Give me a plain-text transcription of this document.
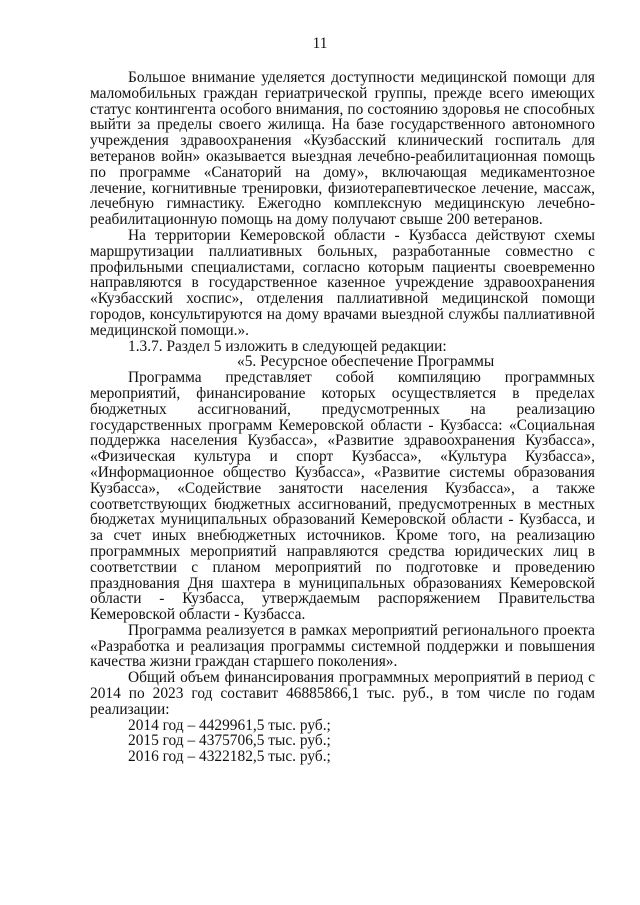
11

Большое внимание уделяется доступности медицинской помощи для маломобильных граждан гериатрической группы, прежде всего имеющих статус контингента особого внимания, по состоянию здоровья не способных выйти за пределы своего жилища. На базе государственного автономного учреждения здравоохранения «Кузбасский клинический госпиталь для ветеранов войн» оказывается выездная лечебно-реабилитационная помощь по программе «Санаторий на дому», включающая медикаментозное лечение, когнитивные тренировки, физиотерапевтическое лечение, массаж, лечебную гимнастику. Ежегодно комплексную медицинскую лечебно-реабилитационную помощь на дому получают свыше 200 ветеранов.

На территории Кемеровской области - Кузбасса действуют схемы маршрутизации паллиативных больных, разработанные совместно с профильными специалистами, согласно которым пациенты своевременно направляются в государственное казенное учреждение здравоохранения «Кузбасский хоспис», отделения паллиативной медицинской помощи городов, консультируются на дому врачами выездной службы паллиативной медицинской помощи.».

1.3.7. Раздел 5 изложить в следующей редакции:

«5. Ресурсное обеспечение Программы

Программа представляет собой компиляцию программных мероприятий, финансирование которых осуществляется в пределах бюджетных ассигнований, предусмотренных на реализацию государственных программ Кемеровской области - Кузбасса: «Социальная поддержка населения Кузбасса», «Развитие здравоохранения Кузбасса», «Физическая культура и спорт Кузбасса», «Культура Кузбасса», «Информационное общество Кузбасса», «Развитие системы образования Кузбасса», «Содействие занятости населения Кузбасса», а также соответствующих бюджетных ассигнований, предусмотренных в местных бюджетах муниципальных образований Кемеровской области - Кузбасса, и за счет иных внебюджетных источников. Кроме того, на реализацию программных мероприятий направляются средства юридических лиц в соответствии с планом мероприятий по подготовке и проведению празднования Дня шахтера в муниципальных образованиях Кемеровской области - Кузбасса, утверждаемым распоряжением Правительства Кемеровской области - Кузбасса.

Программа реализуется в рамках мероприятий регионального проекта «Разработка и реализация программы системной поддержки и повышения качества жизни граждан старшего поколения».

Общий объем финансирования программных мероприятий в период с 2014 по 2023 год составит 46885866,1 тыс. руб., в том числе по годам реализации:

2014 год – 4429961,5 тыс. руб.;

2015 год – 4375706,5 тыс. руб.;

2016 год – 4322182,5 тыс. руб.;
